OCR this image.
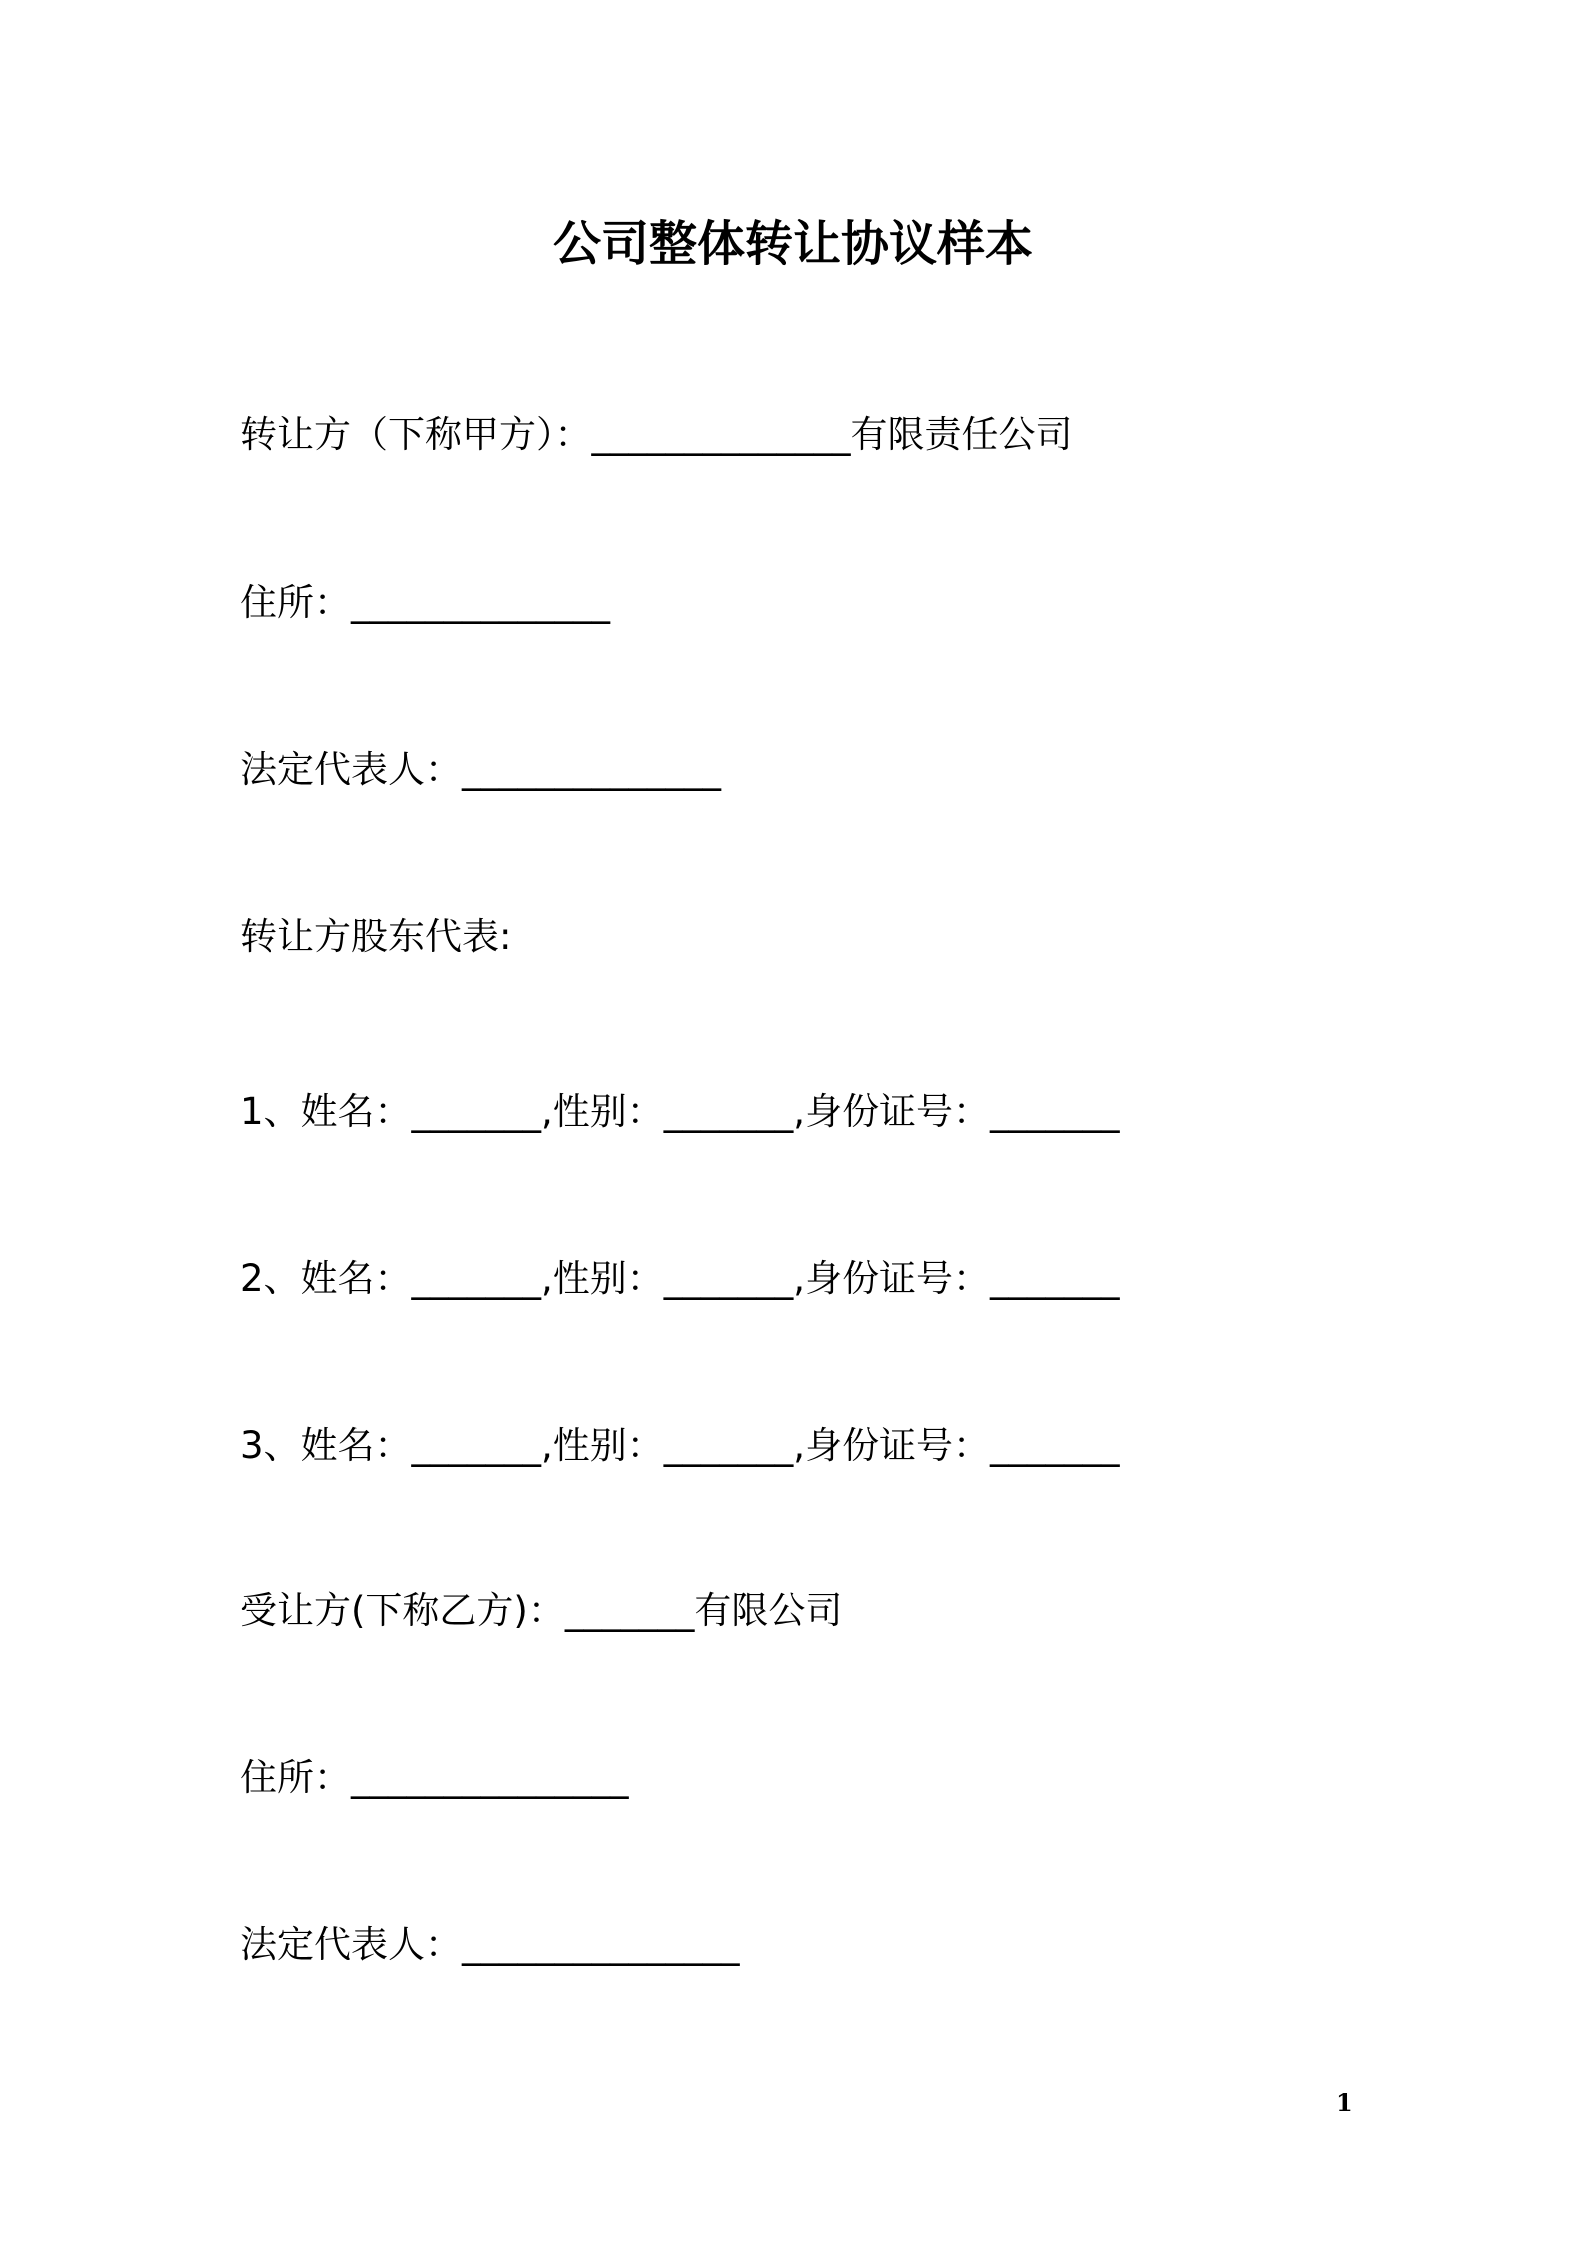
公司整体转让协议样本
转让方（下称甲方）：______________有限责任公司
住所：______________
法定代表人：______________
转让方股东代表:
1、姓名：_______,性别：_______,身份证号：_______
2、姓名：_______,性别：_______,身份证号：_______
3、姓名：_______,性别：_______,身份证号：_______
受让方(下称乙方)：_______有限公司
住所：_______________
法定代表人：_______________
1
